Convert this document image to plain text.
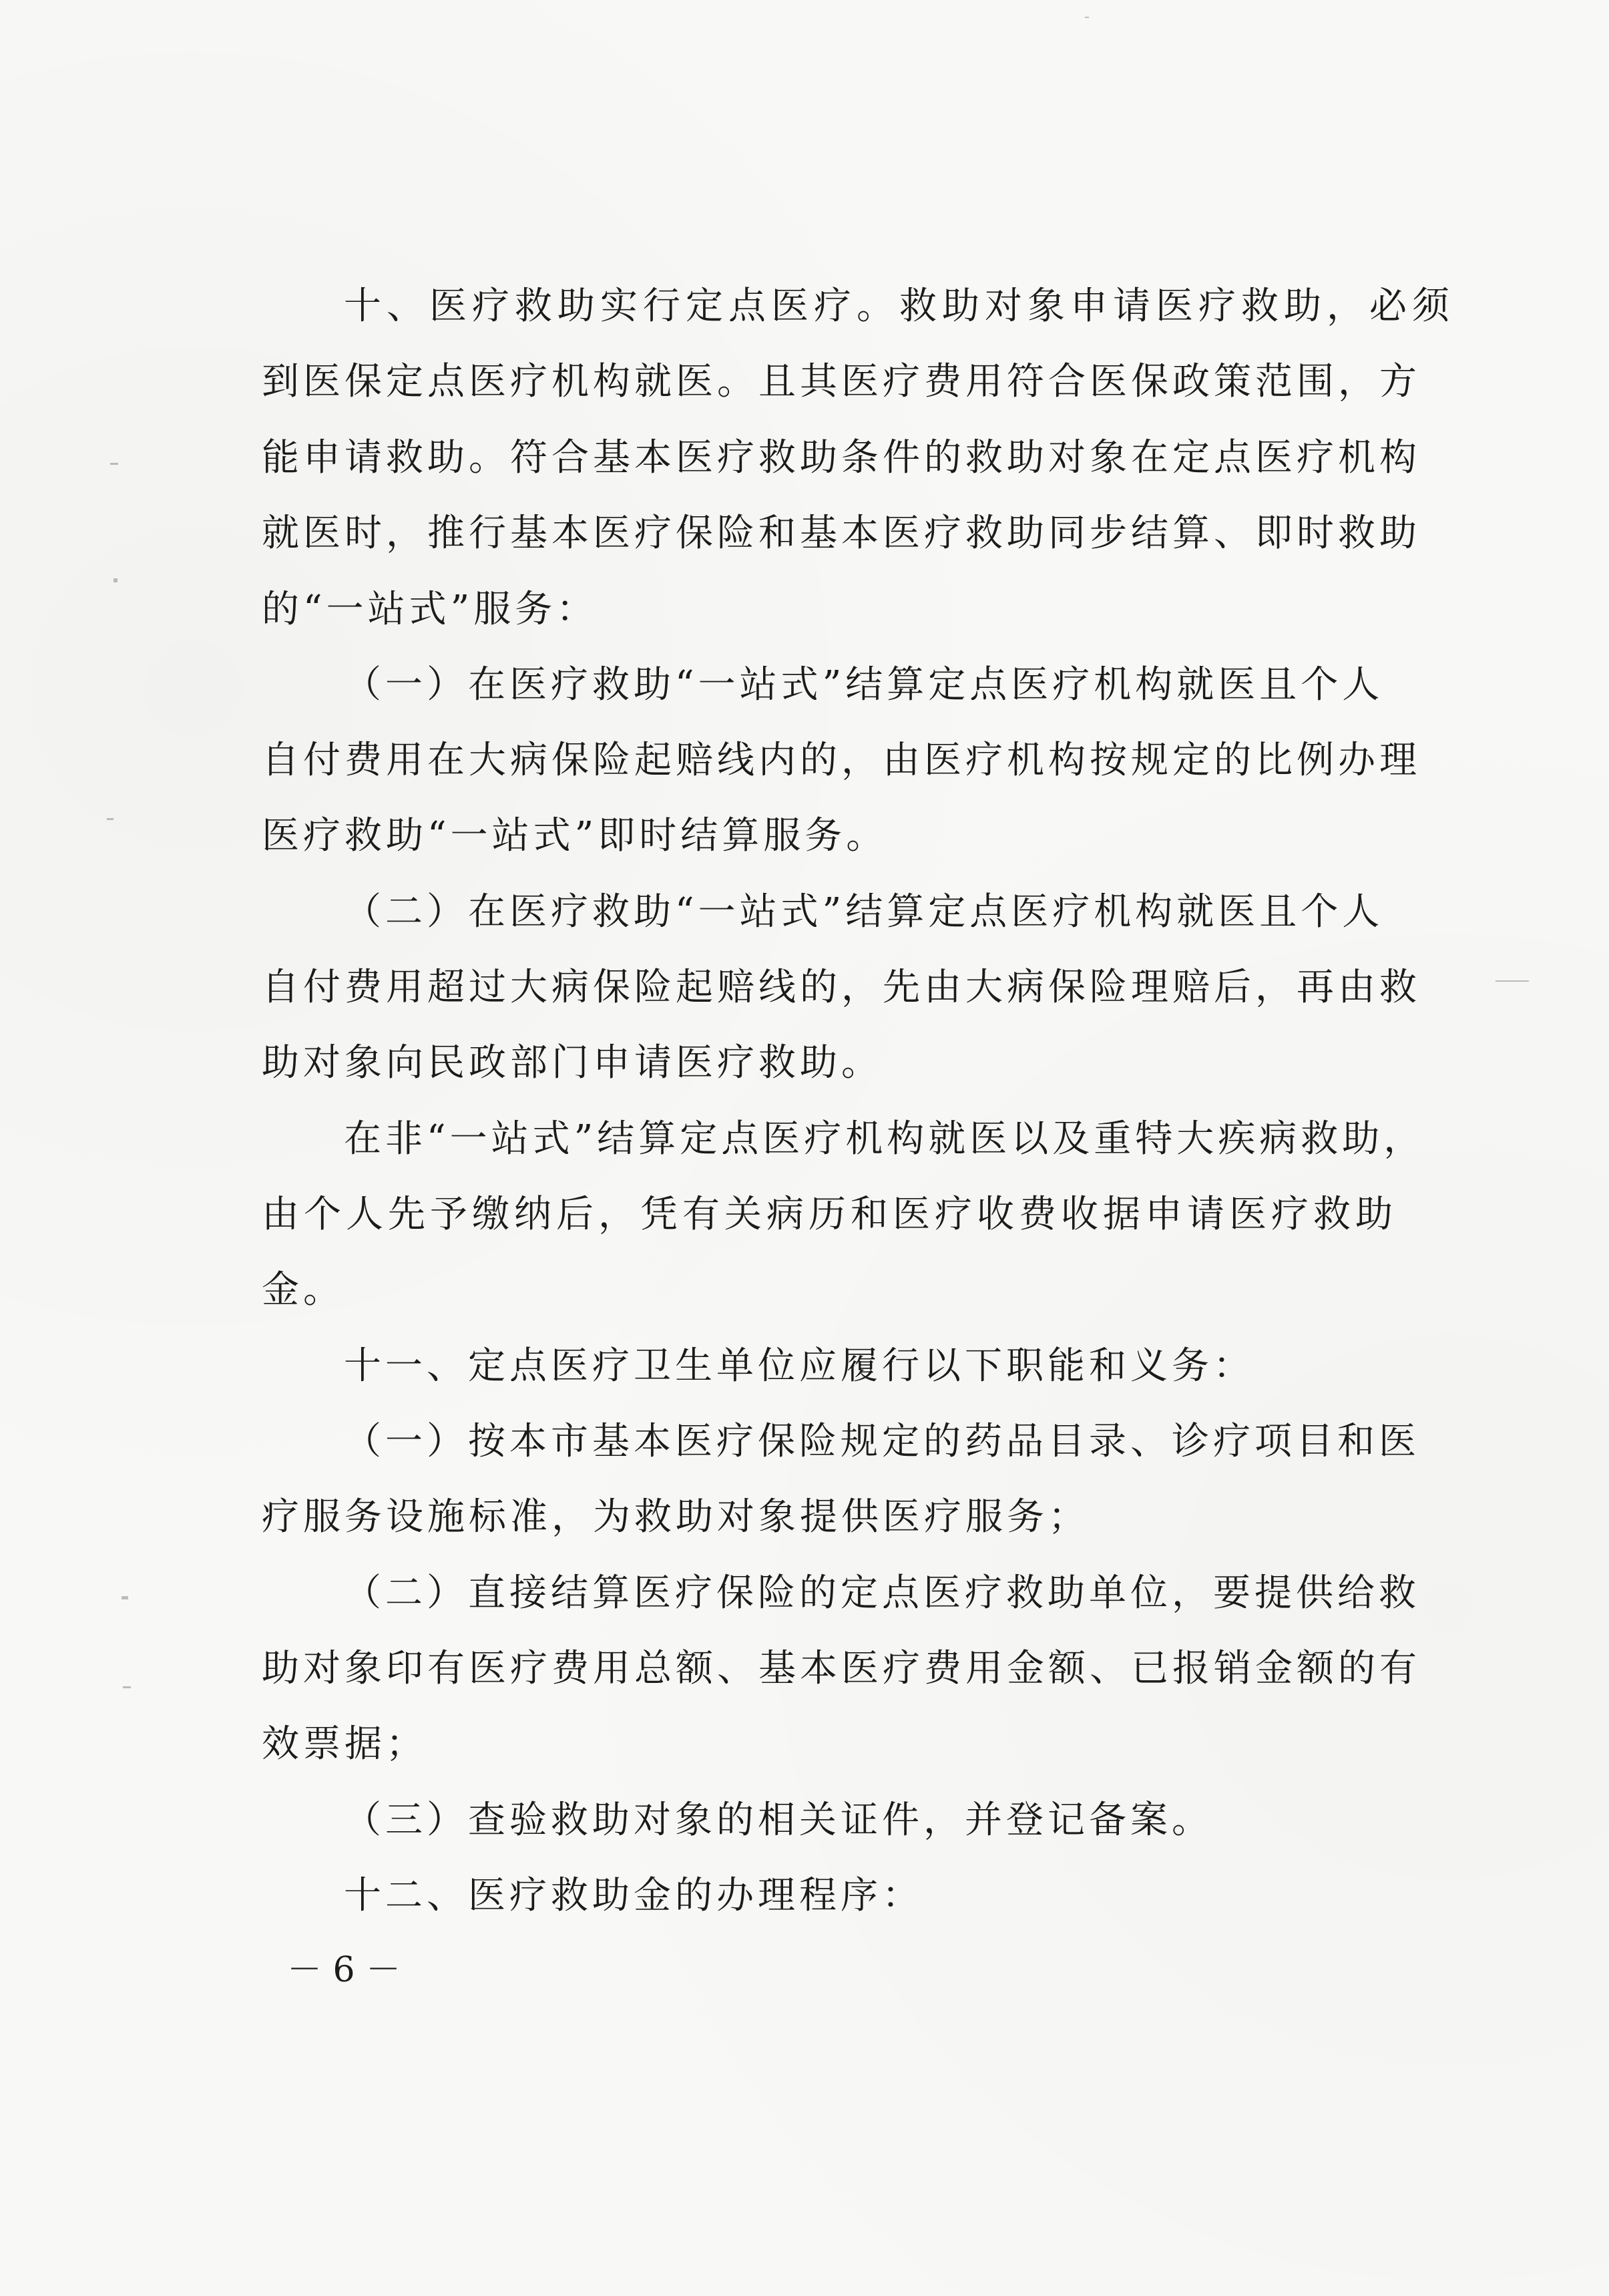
十、医疗救助实行定点医疗。救助对象申请医疗救助，必须
到医保定点医疗机构就医。且其医疗费用符合医保政策范围，方
能申请救助。符合基本医疗救助条件的救助对象在定点医疗机构
就医时，推行基本医疗保险和基本医疗救助同步结算、即时救助
的“一站式”服务：
（一）在医疗救助“一站式”结算定点医疗机构就医且个人
自付费用在大病保险起赔线内的，由医疗机构按规定的比例办理
医疗救助“一站式”即时结算服务。
（二）在医疗救助“一站式”结算定点医疗机构就医且个人
自付费用超过大病保险起赔线的，先由大病保险理赔后，再由救
助对象向民政部门申请医疗救助。
在非“一站式”结算定点医疗机构就医以及重特大疾病救助，
由个人先予缴纳后，凭有关病历和医疗收费收据申请医疗救助
金。
十一、定点医疗卫生单位应履行以下职能和义务：
（一）按本市基本医疗保险规定的药品目录、诊疗项目和医
疗服务设施标准，为救助对象提供医疗服务；
（二）直接结算医疗保险的定点医疗救助单位，要提供给救
助对象印有医疗费用总额、基本医疗费用金额、已报销金额的有
效票据；
（三）查验救助对象的相关证件，并登记备案。
十二、医疗救助金的办理程序：
－ 6 －
